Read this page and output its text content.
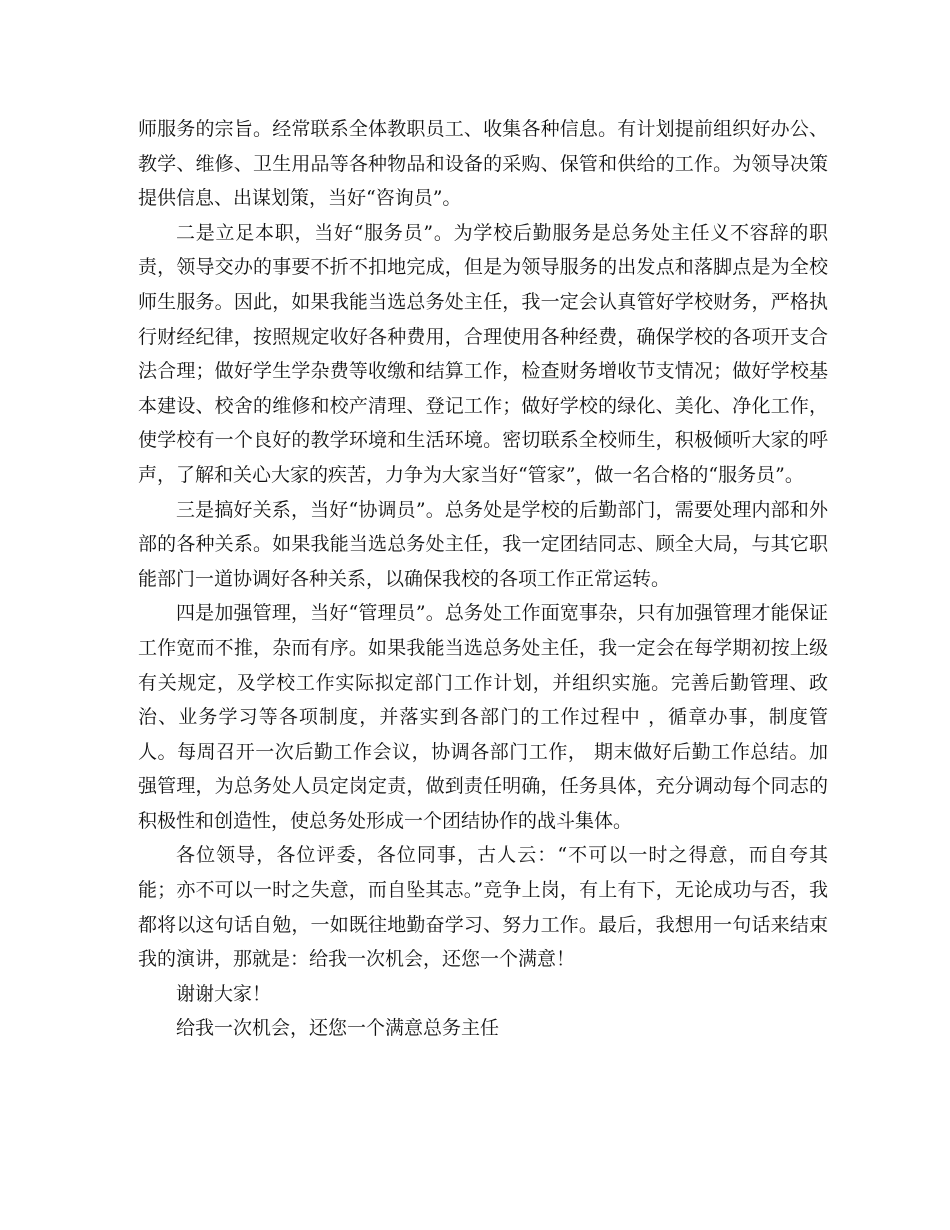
师服务的宗旨。经常联系全体教职员工、收集各种信息。有计划提前组织好办公、教学、维修、卫生用品等各种物品和设备的采购、保管和供给的工作。为领导决策提供信息、出谋划策，当好“咨询员”。

二是立足本职，当好“服务员”。为学校后勤服务是总务处主任义不容辞的职责，领导交办的事要不折不扣地完成，但是为领导服务的出发点和落脚点是为全校师生服务。因此，如果我能当选总务处主任，我一定会认真管好学校财务，严格执行财经纪律，按照规定收好各种费用，合理使用各种经费，确保学校的各项开支合法合理；做好学生学杂费等收缴和结算工作，检查财务增收节支情况；做好学校基本建设、校舍的维修和校产清理、登记工作；做好学校的绿化、美化、净化工作，使学校有一个良好的教学环境和生活环境。密切联系全校师生，积极倾听大家的呼声，了解和关心大家的疾苦，力争为大家当好“管家”，做一名合格的“服务员”。

三是搞好关系，当好“协调员”。总务处是学校的后勤部门，需要处理内部和外部的各种关系。如果我能当选总务处主任，我一定团结同志、顾全大局，与其它职能部门一道协调好各种关系，以确保我校的各项工作正常运转。

四是加强管理，当好“管理员”。总务处工作面宽事杂，只有加强管理才能保证工作宽而不推，杂而有序。如果我能当选总务处主任，我一定会在每学期初按上级有关规定，及学校工作实际拟定部门工作计划，并组织实施。完善后勤管理、政治、业务学习等各项制度，并落实到各部门的工作过程中 ，循章办事，制度管人。每周召开一次后勤工作会议，协调各部门工作， 期末做好后勤工作总结。加强管理，为总务处人员定岗定责，做到责任明确，任务具体，充分调动每个同志的积极性和创造性，使总务处形成一个团结协作的战斗集体。

各位领导，各位评委，各位同事，古人云：“不可以一时之得意，而自夸其能；亦不可以一时之失意，而自坠其志。”竞争上岗，有上有下，无论成功与否，我都将以这句话自勉，一如既往地勤奋学习、努力工作。最后，我想用一句话来结束我的演讲，那就是：给我一次机会，还您一个满意！

谢谢大家！

给我一次机会，还您一个满意总务主任
